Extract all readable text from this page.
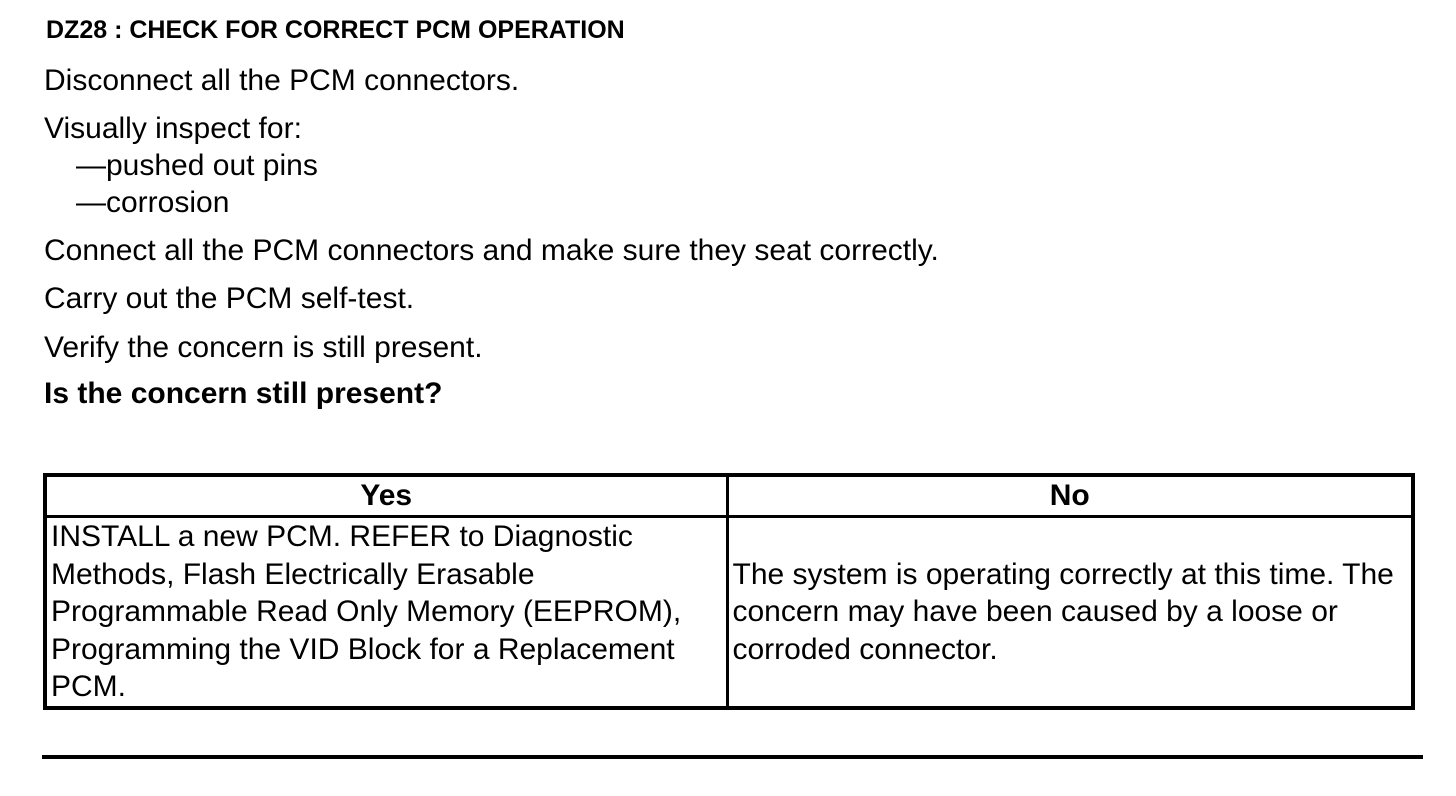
DZ28 : CHECK FOR CORRECT PCM OPERATION
Disconnect all the PCM connectors.
Visually inspect for:
—pushed out pins
—corrosion
Connect all the PCM connectors and make sure they seat correctly.
Carry out the PCM self-test.
Verify the concern is still present.
Is the concern still present?
Yes	No
INSTALL a new PCM. REFER to Diagnostic Methods, Flash Electrically Erasable Programmable Read Only Memory (EEPROM), Programming the VID Block for a Replacement PCM.	The system is operating correctly at this time. The concern may have been caused by a loose or corroded connector.
